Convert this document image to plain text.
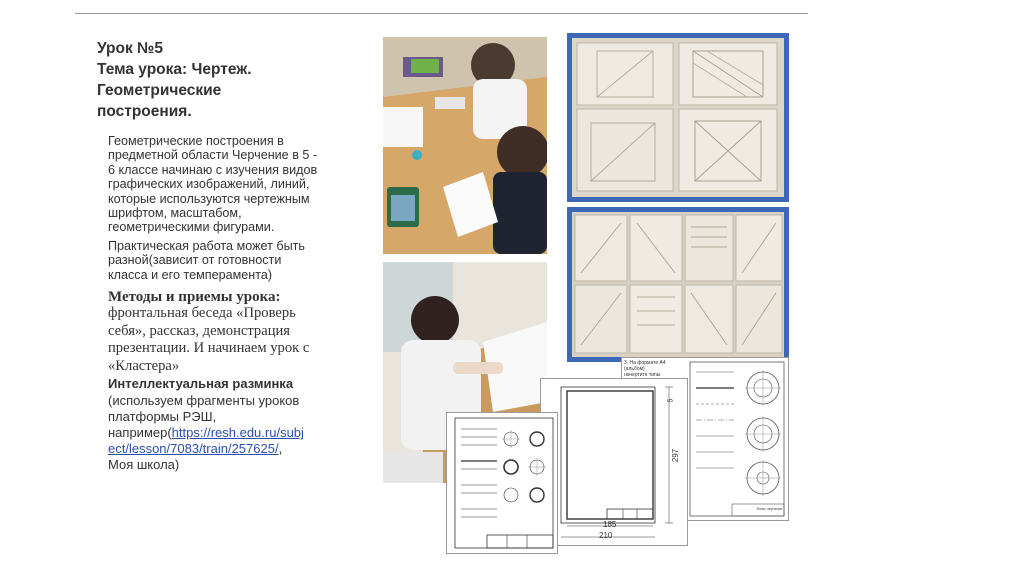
Урок №5
Тема урока: Чертеж.
Геометрические
построения.

Геометрические построения в
предметной области Черчение в 5 -
6 классе начинаю с изучения видов
графических изображений, линий,
которые используются чертежным
шрифтом, масштабом,
геометрическими фигурами.

Практическая работа может быть
разной(зависит от готовности
класса и его темперамента)

Методы и приемы урока:
фронтальная беседа «Проверь
себя», рассказ, демонстрация
презентации. И начинаем урок с
«Кластера»
Интеллектуальная разминка
(используем фрагменты уроков
платформы РЭШ,
например(https://resh.edu.ru/subj
ect/lesson/7083/train/257625/,
Моя школа)
3. На формате А4 (альбом) начертите типы
Типы чертежа
185
210
297
5
